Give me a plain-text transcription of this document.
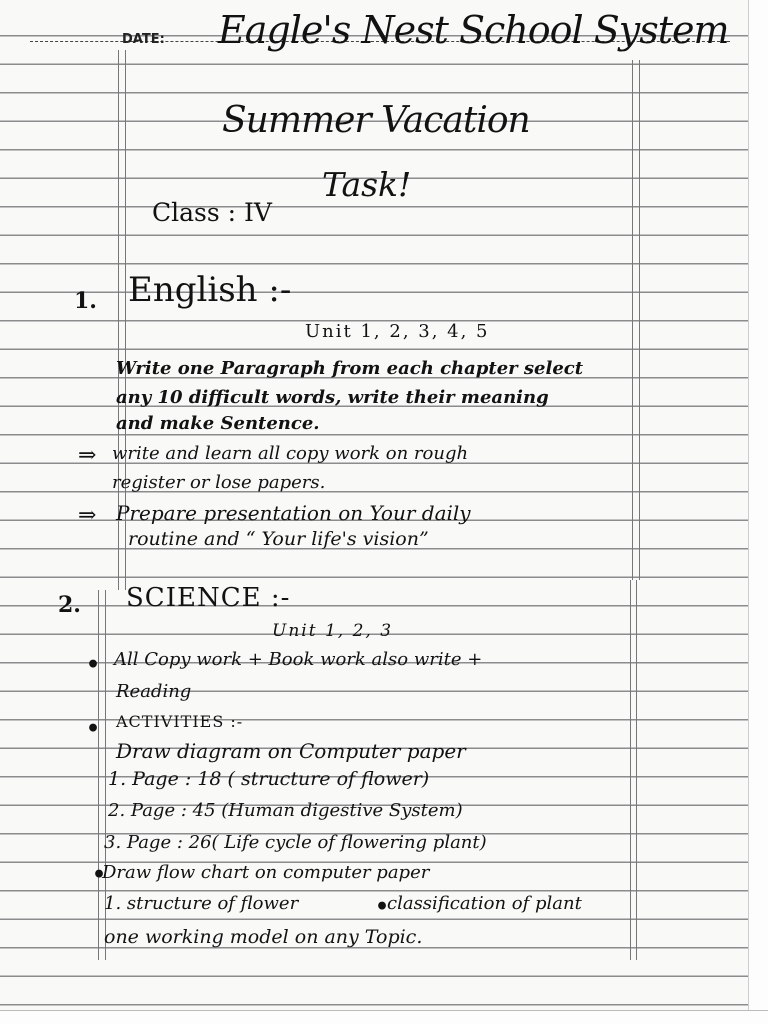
DATE: Eagle's Nest School System
Summer Vacation
Task!
Class : IV
1. English :-
Unit 1, 2, 3, 4, 5
Write one Paragraph from each chapter select
any 10 difficult words, write their meaning
and make Sentence.
⇒ write and learn all copy work on rough
register or lose papers.
⇒ Prepare presentation on Your daily
routine and “ Your life's vision”
2. SCIENCE :-
Unit 1, 2, 3
• All Copy work + Book work also write +
Reading
• ACTIVITIES :-
Draw diagram on Computer paper
1. Page : 18 ( structure of flower)
2. Page : 45 (Human digestive System)
3. Page : 26( Life cycle of flowering plant)
•
Draw flow chart on computer paper
1. structure of flower	•
classification of plant
one working model on any Topic.
